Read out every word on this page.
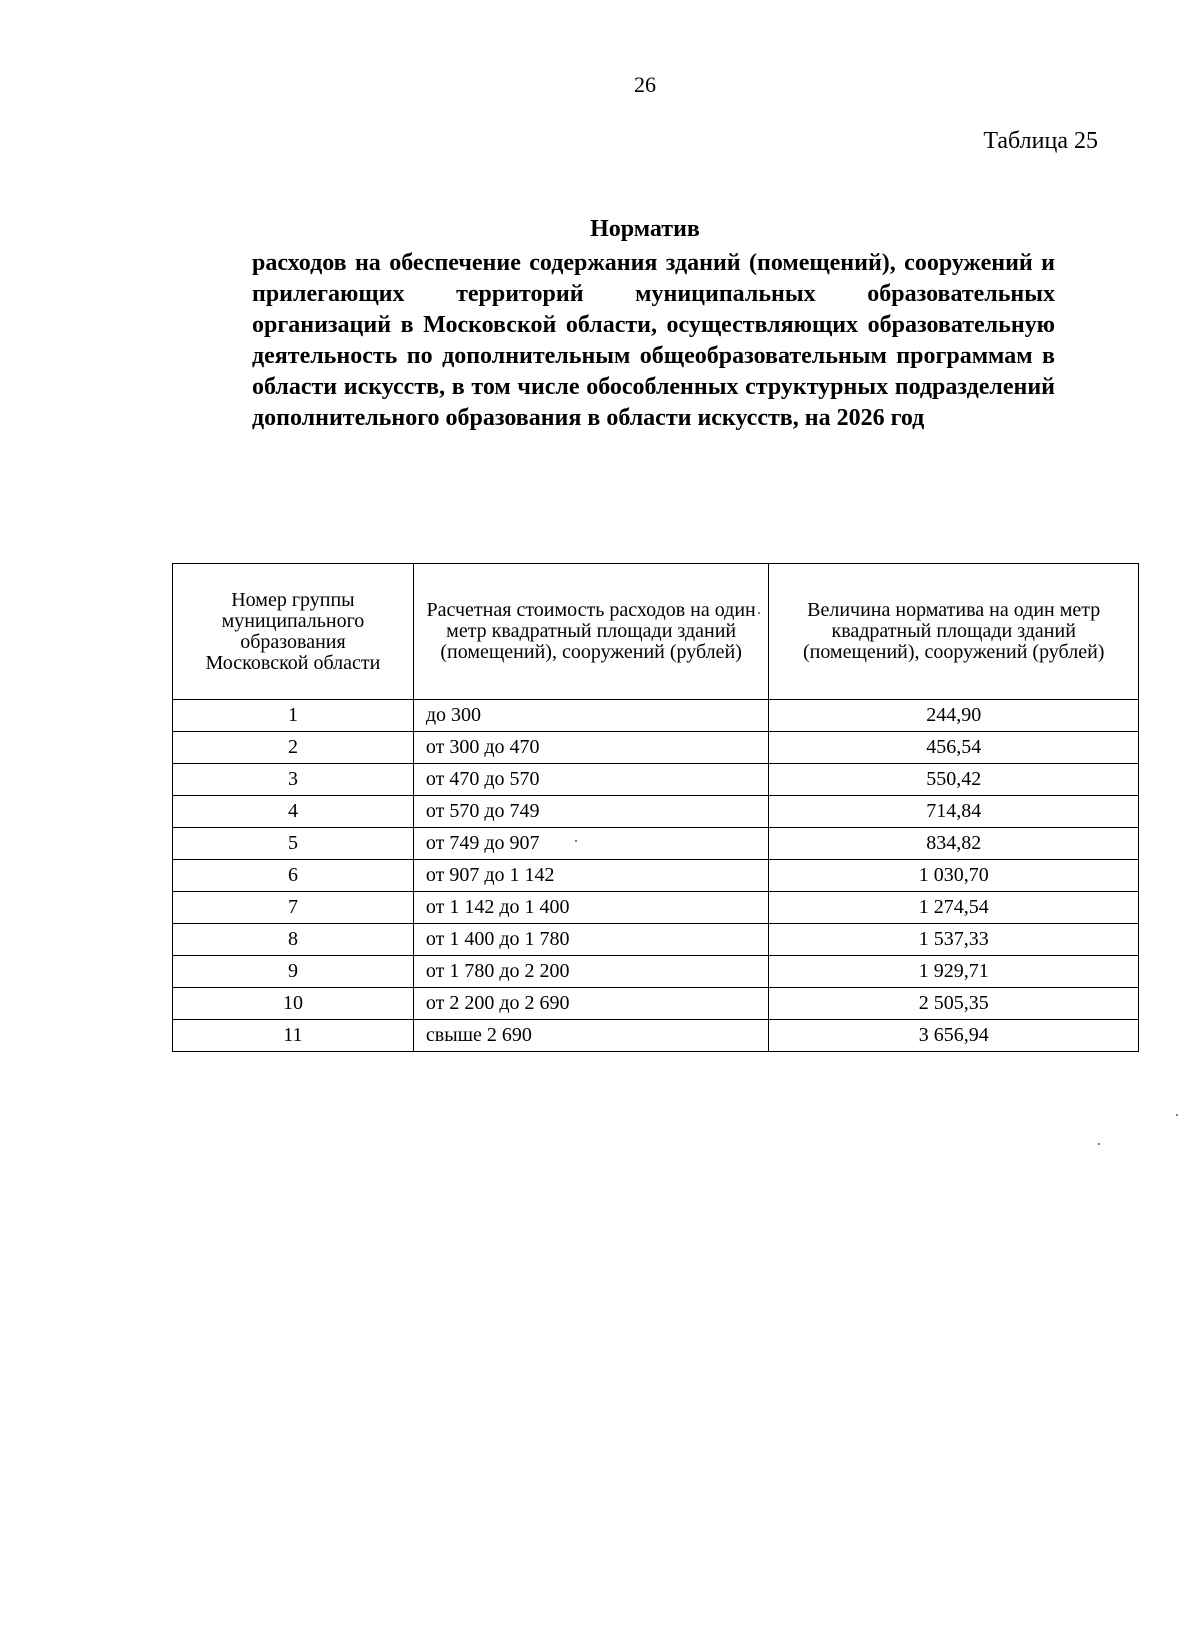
26
Таблица 25
Норматив
расходов на обеспечение содержания зданий (помещений), сооружений и прилегающих территорий муниципальных образовательных организаций в Московской области, осуществляющих образовательную деятельность по дополнительным общеобразовательным программам в области искусств, в том числе обособленных структурных подразделений дополнительного образования в области искусств, на 2026 год
Номер группы муниципального образования Московской области	Расчетная стоимость расходов на один метр квадратный площади зданий (помещений), сооружений (рублей)	Величина норматива на один метр квадратный площади зданий (помещений), сооружений (рублей)
1	до 300	244,90
2	от 300 до 470	456,54
3	от 470 до 570	550,42
4	от 570 до 749	714,84
5	от 749 до 907	834,82
6	от 907 до 1 142	1 030,70
7	от 1 142 до 1 400	1 274,54
8	от 1 400 до 1 780	1 537,33
9	от 1 780 до 2 200	1 929,71
10	от 2 200 до 2 690	2 505,35
11	свыше 2 690	3 656,94
